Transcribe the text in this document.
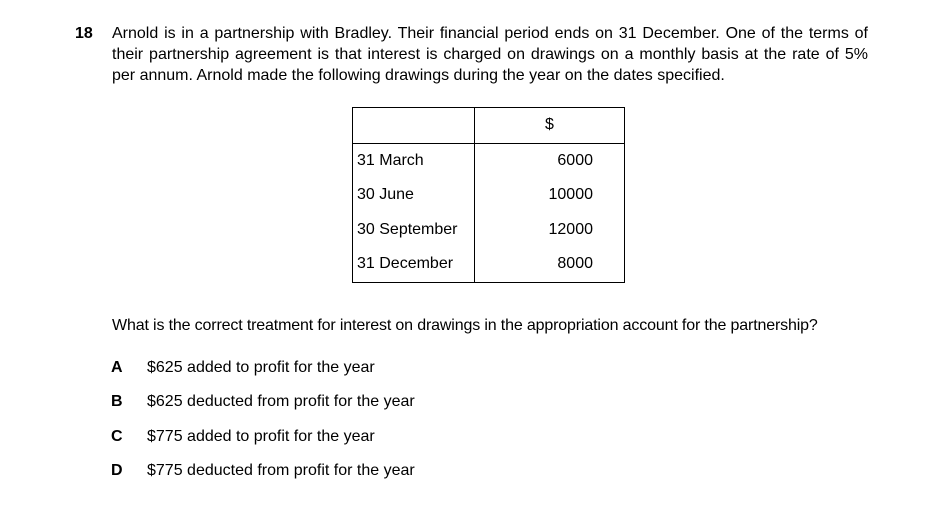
18 Arnold is in a partnership with Bradley. Their financial period ends on 31 December. One of the terms of their partnership agreement is that interest is charged on drawings on a monthly basis at the rate of 5% per annum. Arnold made the following drawings during the year on the dates specified.
	$
31 March	6000
30 June	10000
30 September	12000
31 December	8000
What is the correct treatment for interest on drawings in the appropriation account for the partnership?
A $625 added to profit for the year
B $625 deducted from profit for the year
C $775 added to profit for the year
D $775 deducted from profit for the year
